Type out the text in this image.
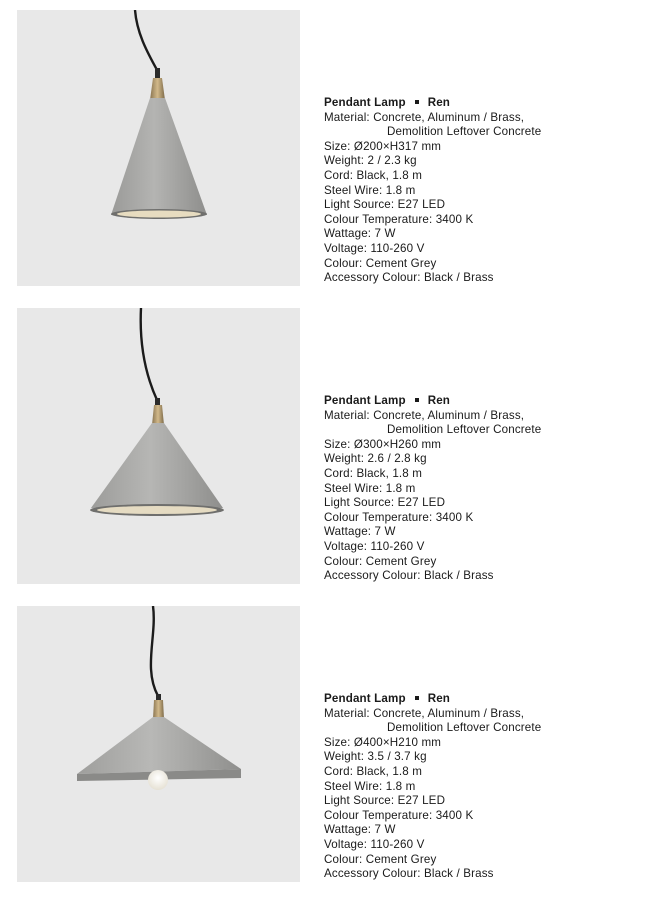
Pendant Lamp Ren
Material: Concrete, Aluminum / Brass,
Demolition Leftover Concrete
Size: Ø200×H317 mm
Weight: 2 / 2.3 kg
Cord: Black, 1.8 m
Steel Wire: 1.8 m
Light Source: E27 LED
Colour Temperature: 3400 K
Wattage: 7 W
Voltage: 110-260 V
Colour: Cement Grey
Accessory Colour: Black / Brass
Pendant Lamp Ren
Material: Concrete, Aluminum / Brass,
Demolition Leftover Concrete
Size: Ø300×H260 mm
Weight: 2.6 / 2.8 kg
Cord: Black, 1.8 m
Steel Wire: 1.8 m
Light Source: E27 LED
Colour Temperature: 3400 K
Wattage: 7 W
Voltage: 110-260 V
Colour: Cement Grey
Accessory Colour: Black / Brass
Pendant Lamp Ren
Material: Concrete, Aluminum / Brass,
Demolition Leftover Concrete
Size: Ø400×H210 mm
Weight: 3.5 / 3.7 kg
Cord: Black, 1.8 m
Steel Wire: 1.8 m
Light Source: E27 LED
Colour Temperature: 3400 K
Wattage: 7 W
Voltage: 110-260 V
Colour: Cement Grey
Accessory Colour: Black / Brass
